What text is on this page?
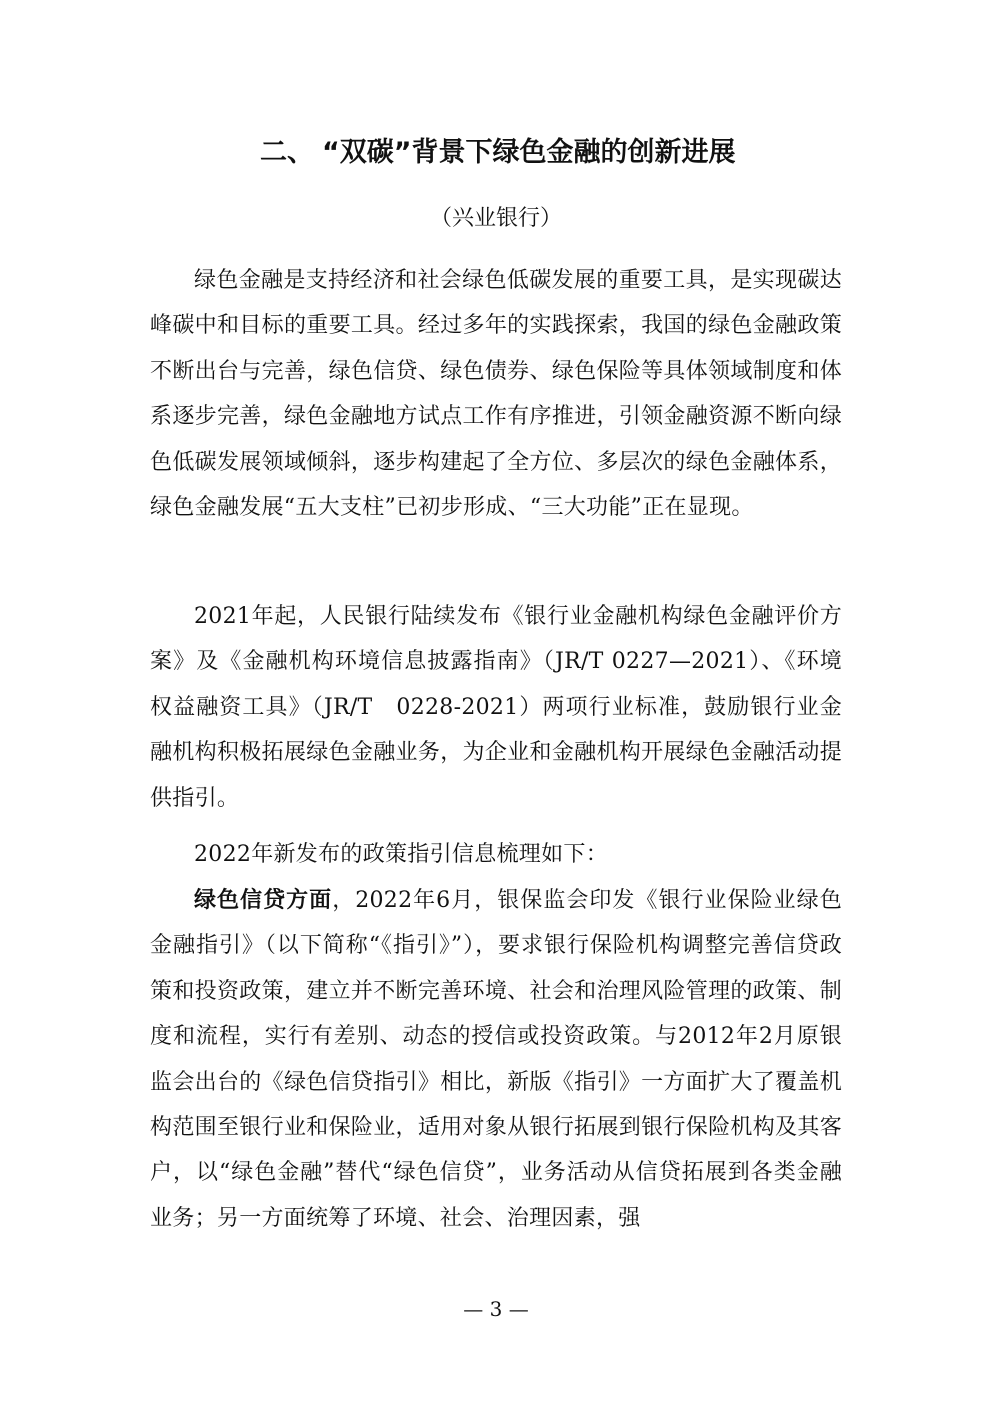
二、 “双碳”背景下绿色金融的创新进展
（兴业银行）

绿色金融是支持经济和社会绿色低碳发展的重要工具，是实现碳达峰碳中和目标的重要工具。经过多年的实践探索，我国的绿色金融政策不断出台与完善，绿色信贷、绿色债券、绿色保险等具体领域制度和体系逐步完善，绿色金融地方试点工作有序推进，引领金融资源不断向绿色低碳发展领域倾斜，逐步构建起了全方位、多层次的绿色金融体系，绿色金融发展“五大支柱”已初步形成、“三大功能”正在显现。

2021年起，人民银行陆续发布《银行业金融机构绿色金融评价方案》及《金融机构环境信息披露指南》（JR/T 0227—2021）、《环境权益融资工具》（JR/T　0228-2021）两项行业标准，鼓励银行业金融机构积极拓展绿色金融业务，为企业和金融机构开展绿色金融活动提供指引。

2022年新发布的政策指引信息梳理如下：

绿色信贷方面，2022年6月，银保监会印发《银行业保险业绿色金融指引》（以下简称“《指引》”），要求银行保险机构调整完善信贷政策和投资政策，建立并不断完善环境、社会和治理风险管理的政策、制度和流程，实行有差别、动态的授信或投资政策。与2012年2月原银监会出台的《绿色信贷指引》相比，新版《指引》一方面扩大了覆盖机构范围至银行业和保险业，适用对象从银行拓展到银行保险机构及其客户，以“绿色金融”替代“绿色信贷”，业务活动从信贷拓展到各类金融业务；另一方面统筹了环境、社会、治理因素，强

— 3 —
